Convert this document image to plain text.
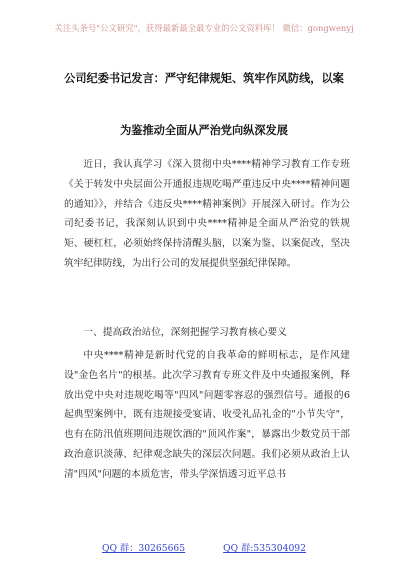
关注头条号"公文研究"，获得最新最全最专业的公文资料库！ 微信：gongwenyj
公司纪委书记发言：严守纪律规矩、筑牢作风防线，以案
为鉴推动全面从严治党向纵深发展

近日，我认真学习《深入贯彻中央****精神学习教育工作专班《关于转发中央层面公开通报违规吃喝严重违反中央****精神问题的通知》》，并结合《违反央****精神案例》开展深入研讨。作为公司纪委书记，我深刻认识到中央****精神是全面从严治党的铁规矩、硬杠杠，必须始终保持清醒头脑，以案为鉴、以案促改，坚决筑牢纪律防线，为出行公司的发展提供坚强纪律保障。

一、提高政治站位，深刻把握学习教育核心要义

中央****精神是新时代党的自我革命的鲜明标志，是作风建设"金色名片"的根基。此次学习教育专班文件及中央通报案例，释放出党中央对违规吃喝等"四风"问题零容忍的强烈信号。通报的6起典型案例中，既有违规接受宴请、收受礼品礼金的"小节失守"，也有在防汛值班期间违规饮酒的"顶风作案"，暴露出少数党员干部政治意识淡薄、纪律观念缺失的深层次问题。我们必须从政治上认清"四风"问题的本质危害，带头学深悟透习近平总书

QQ 群：30265665	QQ 群:535304092
